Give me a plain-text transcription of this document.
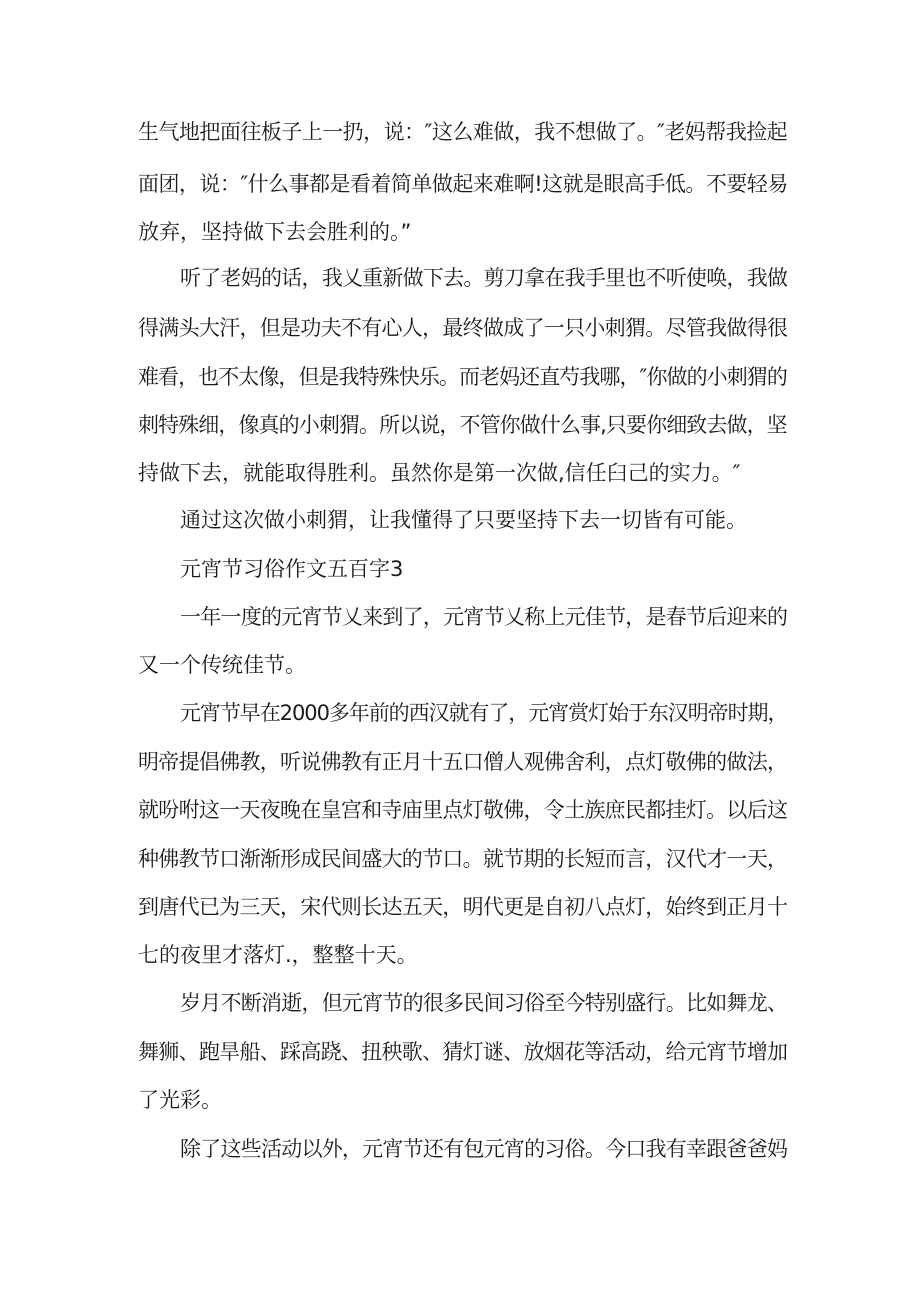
生气地把面往板子上一扔，说：″这么难做，我不想做了。″老妈帮我捡起
面团，说：″什么事都是看着简单做起来难啊!这就是眼高手低。不要轻易
放弃，坚持做下去会胜利的。”
听了老妈的话，我乂重新做下去。剪刀拿在我手里也不听使唤，我做
得满头大汗，但是功夫不有心人，最终做成了一只小刺猬。尽管我做得很
难看，也不太像，但是我特殊快乐。而老妈还直芍我哪，″你做的小刺猬的
刺特殊细，像真的小刺猬。所以说，不管你做什么事,只要你细致去做，坚
持做下去，就能取得胜利。虽然你是第一次做,信任臼己的实力。″
通过这次做小刺猬，让我懂得了只要坚持下去一切皆有可能。
元宵节习俗作文五百字3
一年一度的元宵节乂来到了，元宵节乂称上元佳节，是春节后迎来的
又一个传统佳节。
元宵节早在2000多年前的西汉就有了，元宵赏灯始于东汉明帝时期，
明帝提倡佛教，听说佛教有正月十五口僧人观佛舍利，点灯敬佛的做法，
就吩咐这一天夜晚在皇宫和寺庙里点灯敬佛，令土族庶民都挂灯。以后这
种佛教节口渐渐形成民间盛大的节口。就节期的长短而言，汉代才一天，
到唐代已为三天，宋代则长达五天，明代更是自初八点灯，始终到正月十
七的夜里才落灯.，整整十天。
岁月不断消逝，但元宵节的很多民间习俗至今特别盛行。比如舞龙、
舞狮、跑旱船、踩高跷、扭秧歌、猜灯谜、放烟花等活动，给元宵节增加
了光彩。
除了这些活动以外，元宵节还有包元宵的习俗。今口我有幸跟爸爸妈
